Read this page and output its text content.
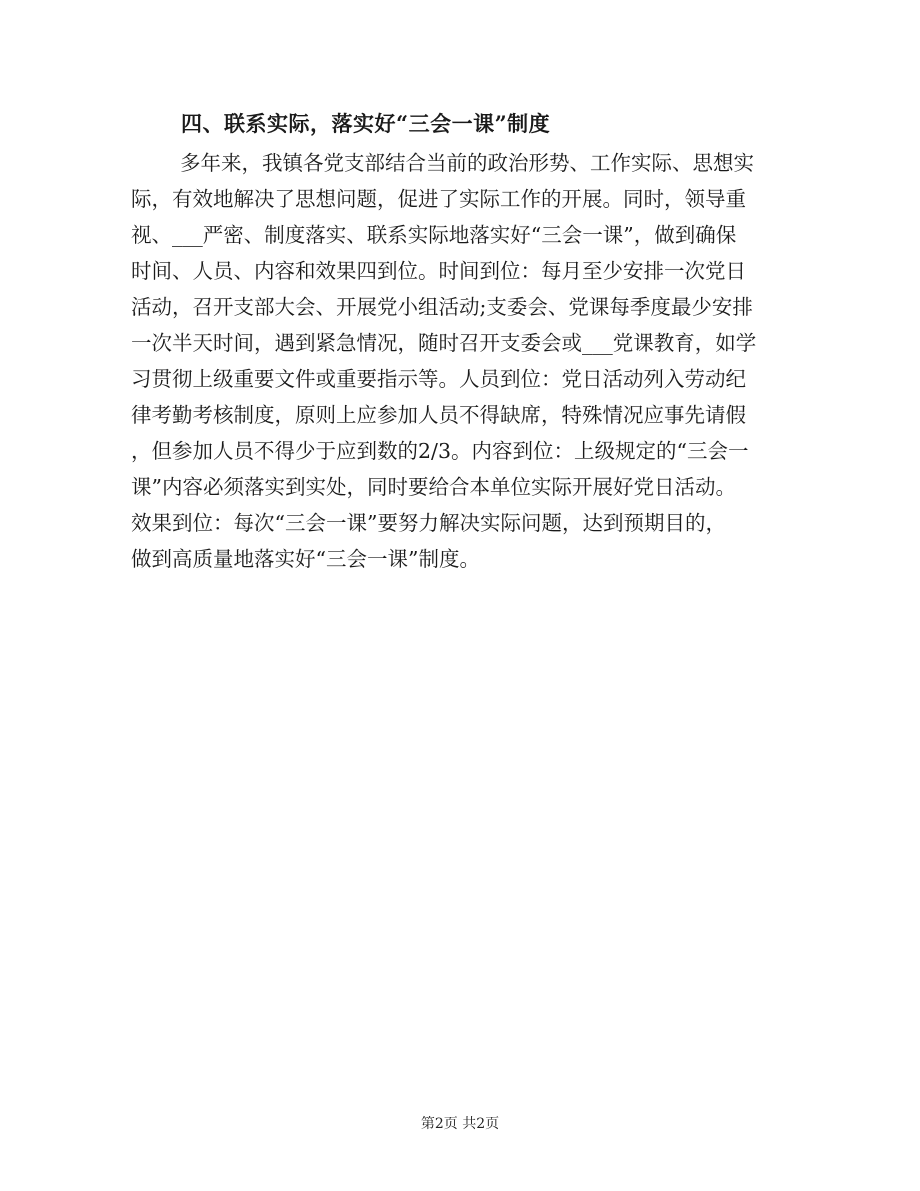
四、联系实际，落实好“三会一课”制度
多年来，我镇各党支部结合当前的政治形势、工作实际、思想实
际，有效地解决了思想问题，促进了实际工作的开展。同时，领导重
视、___严密、制度落实、联系实际地落实好“三会一课”，做到确保
时间、人员、内容和效果四到位。时间到位：每月至少安排一次党日
活动，召开支部大会、开展党小组活动;支委会、党课每季度最少安排
一次半天时间，遇到紧急情况，随时召开支委会或___党课教育，如学
习贯彻上级重要文件或重要指示等。人员到位：党日活动列入劳动纪
律考勤考核制度，原则上应参加人员不得缺席，特殊情况应事先请假
，但参加人员不得少于应到数的2/3。内容到位：上级规定的“三会一
课”内容必须落实到实处，同时要给合本单位实际开展好党日活动。
效果到位：每次“三会一课”要努力解决实际问题，达到预期目的，
做到高质量地落实好“三会一课”制度。
第2页 共2页
